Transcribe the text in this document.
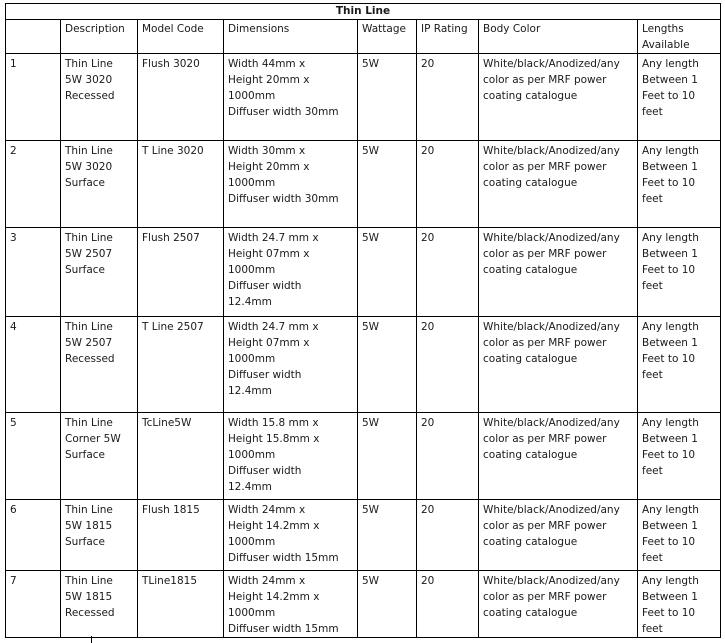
Thin Line							

	Description	Model Code	Dimensions	Wattage	IP Rating	Body Color	Lengths
Available

1	Thin Line
5W 3020
Recessed	Flush 3020	Width 44mm x
Height 20mm x
1000mm
Diffuser width 30mm	5W	20	White/black/Anodized/any
color as per MRF power
coating catalogue	Any length
Between 1
Feet to 10
feet

2	Thin Line
5W 3020
Surface	T Line 3020	Width 30mm x
Height 20mm x
1000mm
Diffuser width 30mm	5W	20	White/black/Anodized/any
color as per MRF power
coating catalogue	Any length
Between 1
Feet to 10
feet

3	Thin Line
5W 2507
Surface	Flush 2507	Width 24.7 mm x
Height 07mm x
1000mm
Diffuser width
12.4mm	5W	20	White/black/Anodized/any
color as per MRF power
coating catalogue	Any length
Between 1
Feet to 10
feet

4	Thin Line
5W 2507
Recessed	T Line 2507	Width 24.7 mm x
Height 07mm x
1000mm
Diffuser width
12.4mm	5W	20	White/black/Anodized/any
color as per MRF power
coating catalogue	Any length
Between 1
Feet to 10
feet

5	Thin Line
Corner 5W
Surface	TcLine5W	Width 15.8 mm x
Height 15.8mm x
1000mm
Diffuser width
12.4mm	5W	20	White/black/Anodized/any
color as per MRF power
coating catalogue	Any length
Between 1
Feet to 10
feet

6	Thin Line
5W 1815
Surface	Flush 1815	Width 24mm x
Height 14.2mm x
1000mm
Diffuser width 15mm	5W	20	White/black/Anodized/any
color as per MRF power
coating catalogue	Any length
Between 1
Feet to 10
feet

7	Thin Line
5W 1815
Recessed	TLine1815	Width 24mm x
Height 14.2mm x
1000mm
Diffuser width 15mm	5W	20	White/black/Anodized/any
color as per MRF power
coating catalogue	Any length
Between 1
Feet to 10
feet
